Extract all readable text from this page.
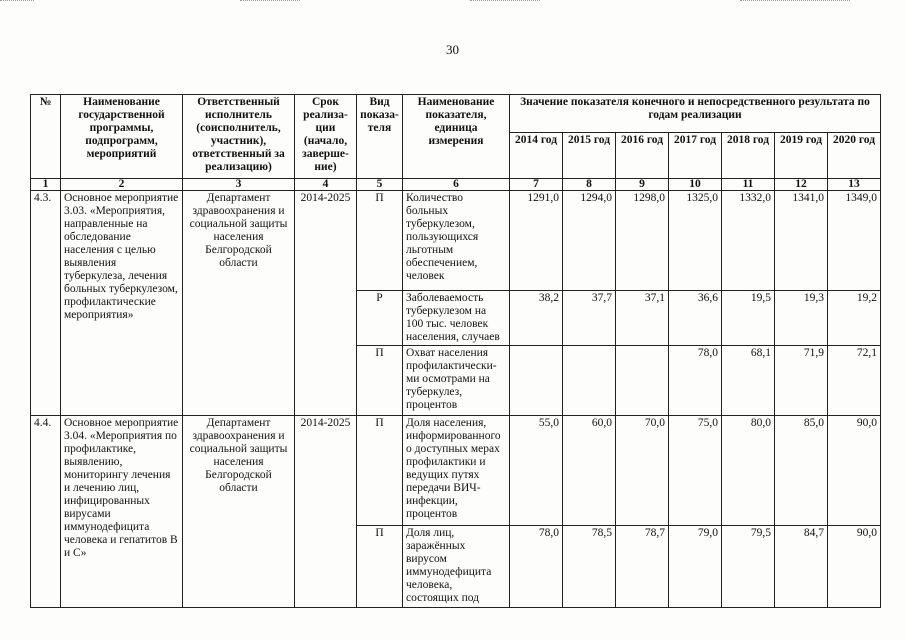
30
№	Наименование государственной программы, подпрограмм, мероприятий	Ответственный исполнитель (соисполнитель, участник), ответственный за реализацию)	Срок реализа-ции (начало, заверше-ние)	Вид показа-теля	Наименование показателя, единица измерения	Значение показателя конечного и непосредственного результата по годам реализации						
						2014 год	2015 год	2016 год	2017 год	2018 год	2019 год	2020 год
1	2	3	4	5	6	7	8	9	10	11	12	13
4.3.	Основное мероприятие 3.03. «Мероприятия, направленные на обследование населения с целью выявления туберкулеза, лечения больных туберкулезом, профилактические мероприятия»	Департамент здравоохранения и социальной защиты населения Белгородской области	2014-2025	П	Количество больных туберкулезом, пользующихся льготным обеспечением, человек	1291,0	1294,0	1298,0	1325,0	1332,0	1341,0	1349,0
				Р	Заболеваемость туберкулезом на 100 тыс. человек населения, случаев	38,2	37,7	37,1	36,6	19,5	19,3	19,2
				П	Охват населения профилактически-ми осмотрами на туберкулез, процентов				78,0	68,1	71,9	72,1
4.4.	Основное мероприятие 3.04. «Мероприятия по профилактике, выявлению, мониторингу лечения и лечению лиц, инфицированных вирусами иммунодефицита человека и гепатитов В и С»	Департамент здравоохранения и социальной защиты населения Белгородской области	2014-2025	П	Доля населения, информированного о доступных мерах профилактики и ведущих путях передачи ВИЧ-инфекции, процентов	55,0	60,0	70,0	75,0	80,0	85,0	90,0
				П	Доля лиц, заражённых вирусом иммунодефицита человека, состоящих под	78,0	78,5	78,7	79,0	79,5	84,7	90,0
